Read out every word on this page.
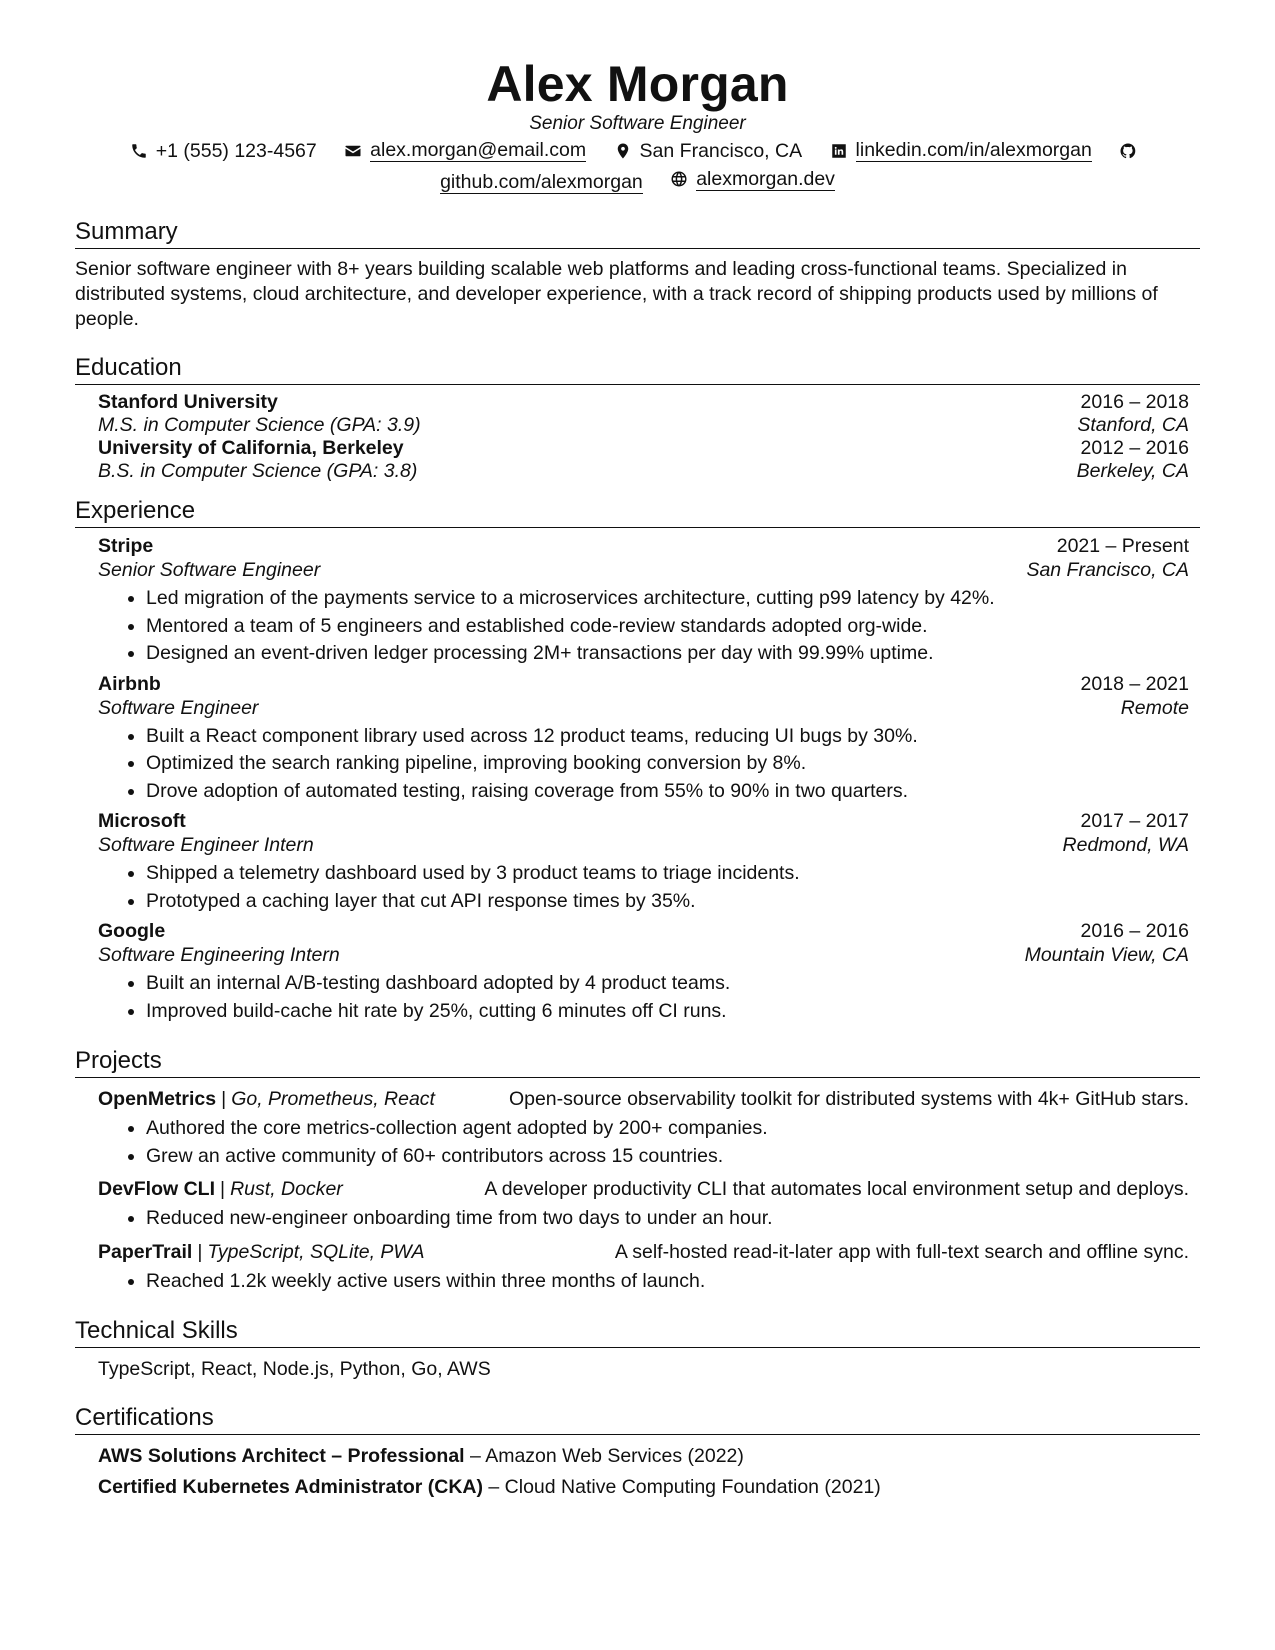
Alex Morgan
Senior Software Engineer
+1 (555) 123-4567
	alex.morgan@email.com
	San Francisco, CA
	linkedin.com/in/alexmorgan

github.com/alexmorgan
	alexmorgan.dev
Summary
Senior software engineer with 8+ years building scalable web platforms and leading cross-functional teams. Specialized in distributed systems, cloud architecture, and developer experience, with a track record of shipping products used by millions of people.
Education
Stanford University	2016 – 2018
M.S. in Computer Science (GPA: 3.9)	Stanford, CA
University of California, Berkeley	2012 – 2016
B.S. in Computer Science (GPA: 3.8)	Berkeley, CA
Experience
Stripe	2021 – Present
Senior Software Engineer	San Francisco, CA
• Led migration of the payments service to a microservices architecture, cutting p99 latency by 42%.
• Mentored a team of 5 engineers and established code-review standards adopted org-wide.
• Designed an event-driven ledger processing 2M+ transactions per day with 99.99% uptime.
Airbnb	2018 – 2021
Software Engineer	Remote
• Built a React component library used across 12 product teams, reducing UI bugs by 30%.
• Optimized the search ranking pipeline, improving booking conversion by 8%.
• Drove adoption of automated testing, raising coverage from 55% to 90% in two quarters.
Microsoft	2017 – 2017
Software Engineer Intern	Redmond, WA
• Shipped a telemetry dashboard used by 3 product teams to triage incidents.
• Prototyped a caching layer that cut API response times by 35%.
Google	2016 – 2016
Software Engineering Intern	Mountain View, CA
• Built an internal A/B-testing dashboard adopted by 4 product teams.
• Improved build-cache hit rate by 25%, cutting 6 minutes off CI runs.
Projects
OpenMetrics | Go, Prometheus, React	Open-source observability toolkit for distributed systems with 4k+ GitHub stars.
• Authored the core metrics-collection agent adopted by 200+ companies.
• Grew an active community of 60+ contributors across 15 countries.
DevFlow CLI | Rust, Docker	A developer productivity CLI that automates local environment setup and deploys.
• Reduced new-engineer onboarding time from two days to under an hour.
PaperTrail | TypeScript, SQLite, PWA	A self-hosted read-it-later app with full-text search and offline sync.
• Reached 1.2k weekly active users within three months of launch.
Technical Skills
TypeScript, React, Node.js, Python, Go, AWS
Certifications
AWS Solutions Architect – Professional – Amazon Web Services (2022)
Certified Kubernetes Administrator (CKA) – Cloud Native Computing Foundation (2021)
